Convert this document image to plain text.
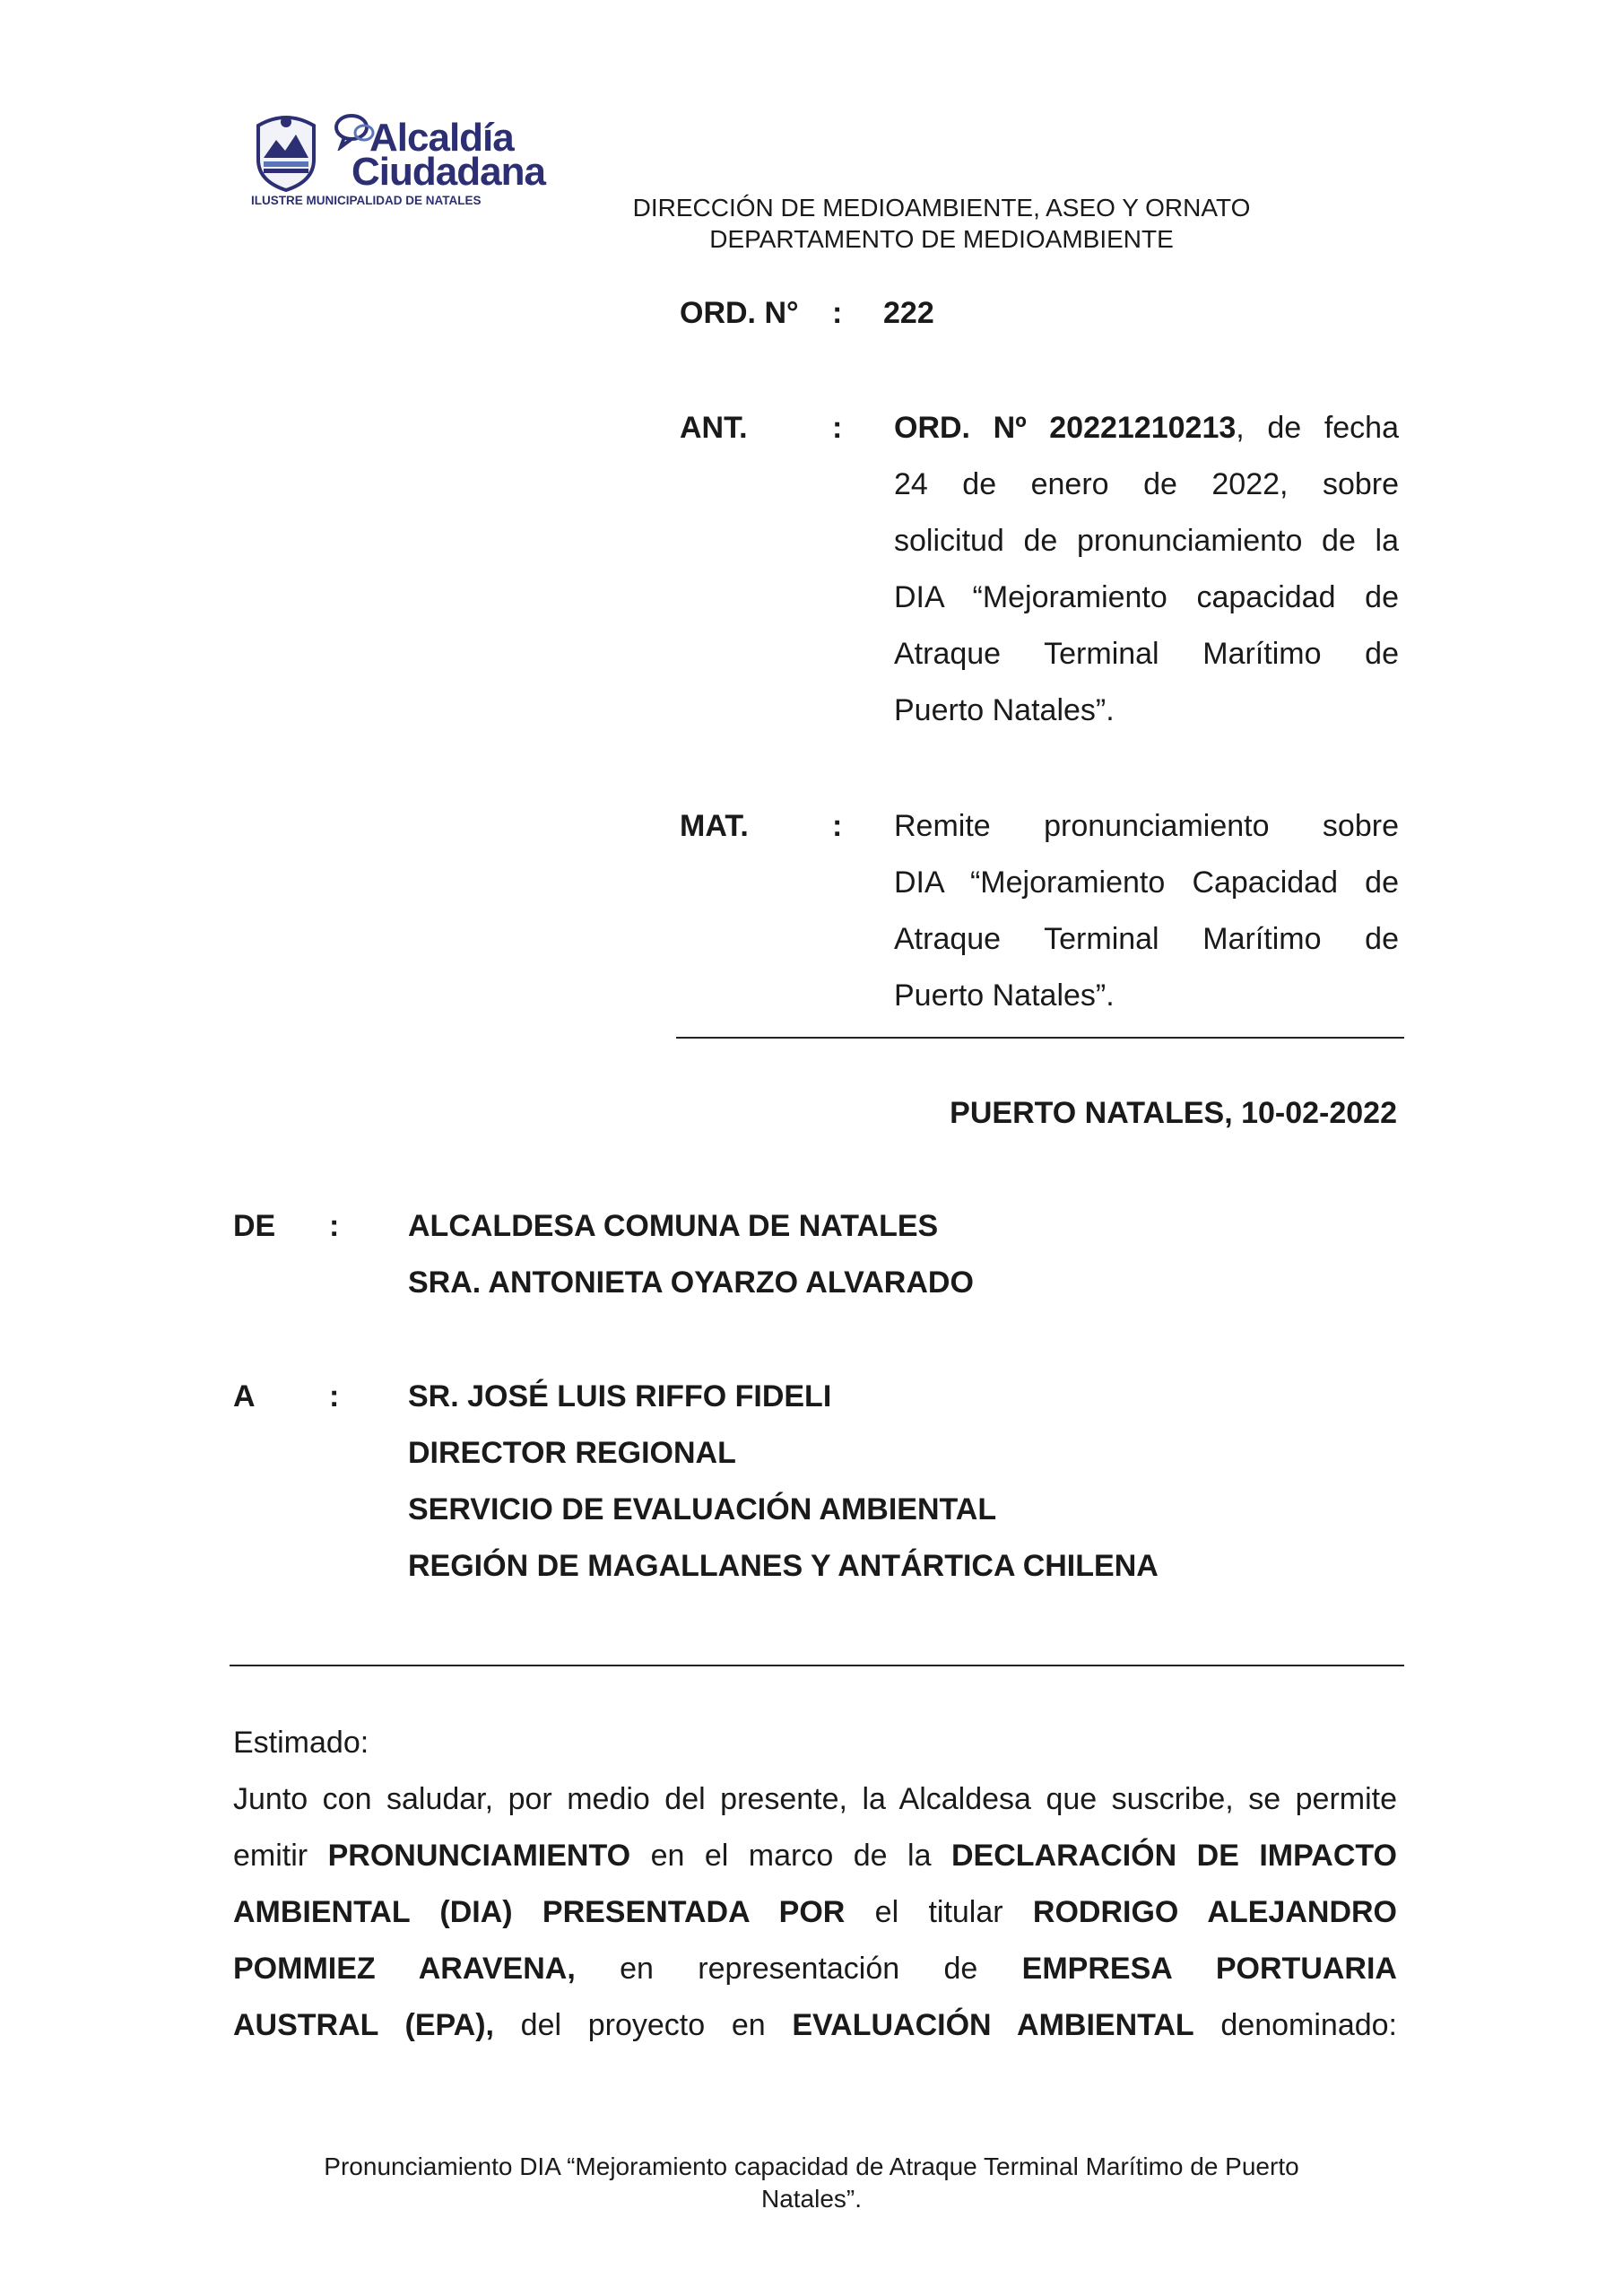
Alcaldía
Ciudadana
ILUSTRE MUNICIPALIDAD DE NATALES	DIRECCIÓN DE MEDIOAMBIENTE, ASEO Y ORNATO
DEPARTAMENTO DE MEDIOAMBIENTE
ORD. N° : 222
ANT.	: ORD. Nº 20221210213, de fecha
24 de enero de 2022, sobre
solicitud de pronunciamiento de la
DIA “Mejoramiento capacidad de
Atraque Terminal Marítimo de
Puerto Natales”.
MAT.	: Remite pronunciamiento sobre
DIA “Mejoramiento Capacidad de
Atraque Terminal Marítimo de
Puerto Natales”.
PUERTO NATALES, 10-02-2022
DE : ALCALDESA COMUNA DE NATALES
SRA. ANTONIETA OYARZO ALVARADO
A : SR. JOSÉ LUIS RIFFO FIDELI
DIRECTOR REGIONAL
SERVICIO DE EVALUACIÓN AMBIENTAL
REGIÓN DE MAGALLANES Y ANTÁRTICA CHILENA
Estimado:
Junto con saludar, por medio del presente, la Alcaldesa que suscribe, se permite
emitir PRONUNCIAMIENTO en el marco de la DECLARACIÓN DE IMPACTO
AMBIENTAL (DIA) PRESENTADA POR el titular RODRIGO ALEJANDRO
POMMIEZ ARAVENA, en representación de EMPRESA PORTUARIA
AUSTRAL (EPA), del proyecto en EVALUACIÓN AMBIENTAL denominado:
Pronunciamiento DIA “Mejoramiento capacidad de Atraque Terminal Marítimo de Puerto
Natales”.
